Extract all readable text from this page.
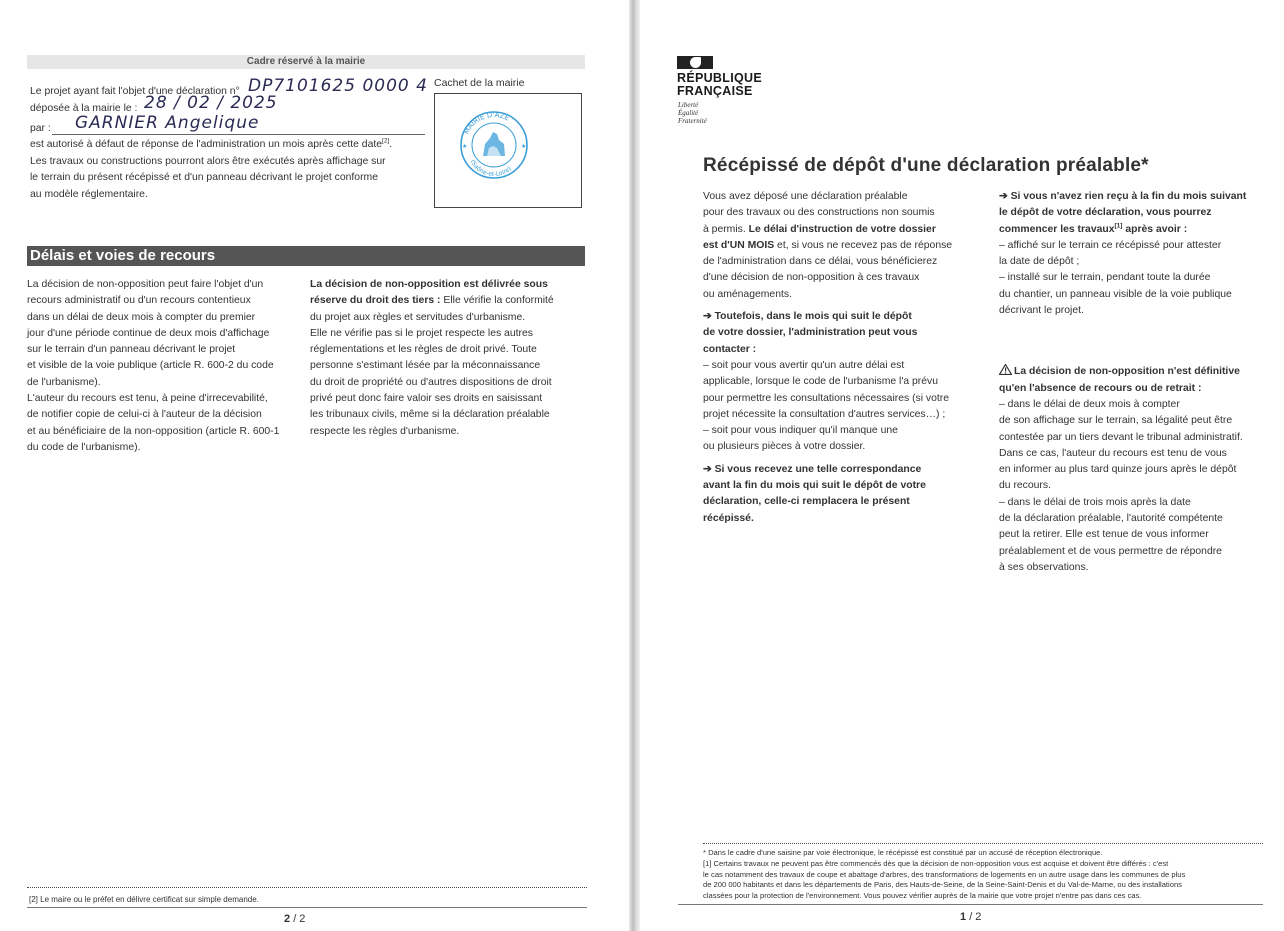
Cadre réservé à la mairie
Le projet ayant fait l'objet d'une déclaration n° DP7101625 0000 4
déposée à la mairie le : 28 / 02 / 2025
par : GARNIER Angelique
est autorisé à défaut de réponse de l'administration un mois après cette date[2].
Les travaux ou constructions pourront alors être exécutés après affichage sur
le terrain du présent récépissé et d'un panneau décrivant le projet conforme
au modèle réglementaire.
Cachet de la mairie
MAIRIE D'AZE
(Saône-et-Loire)
★	★
Délais et voies de recours
La décision de non-opposition peut faire l'objet d'un
recours administratif ou d'un recours contentieux
dans un délai de deux mois à compter du premier
jour d'une période continue de deux mois d'affichage
sur le terrain d'un panneau décrivant le projet
et visible de la voie publique (article R. 600-2 du code
de l'urbanisme).
L'auteur du recours est tenu, à peine d'irrecevabilité,
de notifier copie de celui-ci à l'auteur de la décision
et au bénéficiaire de la non-opposition (article R. 600-1
du code de l'urbanisme).
La décision de non-opposition est délivrée sous
réserve du droit des tiers : Elle vérifie la conformité
du projet aux règles et servitudes d'urbanisme.
Elle ne vérifie pas si le projet respecte les autres
réglementations et les règles de droit privé. Toute
personne s'estimant lésée par la méconnaissance
du droit de propriété ou d'autres dispositions de droit
privé peut donc faire valoir ses droits en saisissant
les tribunaux civils, même si la déclaration préalable
respecte les règles d'urbanisme.
[2] Le maire ou le préfet en délivre certificat sur simple demande.
2 / 2
RÉPUBLIQUE
FRANÇAISE
Liberté
Égalité
Fraternité
Récépissé de dépôt d'une déclaration préalable*
Vous avez déposé une déclaration préalable
pour des travaux ou des constructions non soumis
à permis. Le délai d'instruction de votre dossier
est d'UN MOIS et, si vous ne recevez pas de réponse
de l'administration dans ce délai, vous bénéficierez
d'une décision de non-opposition à ces travaux
ou aménagements.
➔ Toutefois, dans le mois qui suit le dépôt
de votre dossier, l'administration peut vous
contacter :
– soit pour vous avertir qu'un autre délai est
applicable, lorsque le code de l'urbanisme l'a prévu
pour permettre les consultations nécessaires (si votre
projet nécessite la consultation d'autres services…) ;
– soit pour vous indiquer qu'il manque une
ou plusieurs pièces à votre dossier.
➔ Si vous recevez une telle correspondance
avant la fin du mois qui suit le dépôt de votre
déclaration, celle-ci remplacera le présent
récépissé.
➔ Si vous n'avez rien reçu à la fin du mois suivant
le dépôt de votre déclaration, vous pourrez
commencer les travaux[1] après avoir :
– affiché sur le terrain ce récépissé pour attester
la date de dépôt ;
– installé sur le terrain, pendant toute la durée
du chantier, un panneau visible de la voie publique
décrivant le projet.
La décision de non-opposition n'est définitive
qu'en l'absence de recours ou de retrait :
– dans le délai de deux mois à compter
de son affichage sur le terrain, sa légalité peut être
contestée par un tiers devant le tribunal administratif.
Dans ce cas, l'auteur du recours est tenu de vous
en informer au plus tard quinze jours après le dépôt
du recours.
– dans le délai de trois mois après la date
de la déclaration préalable, l'autorité compétente
peut la retirer. Elle est tenue de vous informer
préalablement et de vous permettre de répondre
à ses observations.
* Dans le cadre d'une saisine par voie électronique, le récépissé est constitué par un accusé de réception électronique.
[1] Certains travaux ne peuvent pas être commencés dès que la décision de non-opposition vous est acquise et doivent être différés : c'est
le cas notamment des travaux de coupe et abattage d'arbres, des transformations de logements en un autre usage dans les communes de plus
de 200 000 habitants et dans les départements de Paris, des Hauts-de-Seine, de la Seine-Saint-Denis et du Val-de-Marne, ou des installations
classées pour la protection de l'environnement. Vous pouvez vérifier auprès de la mairie que votre projet n'entre pas dans ces cas.
1 / 2
